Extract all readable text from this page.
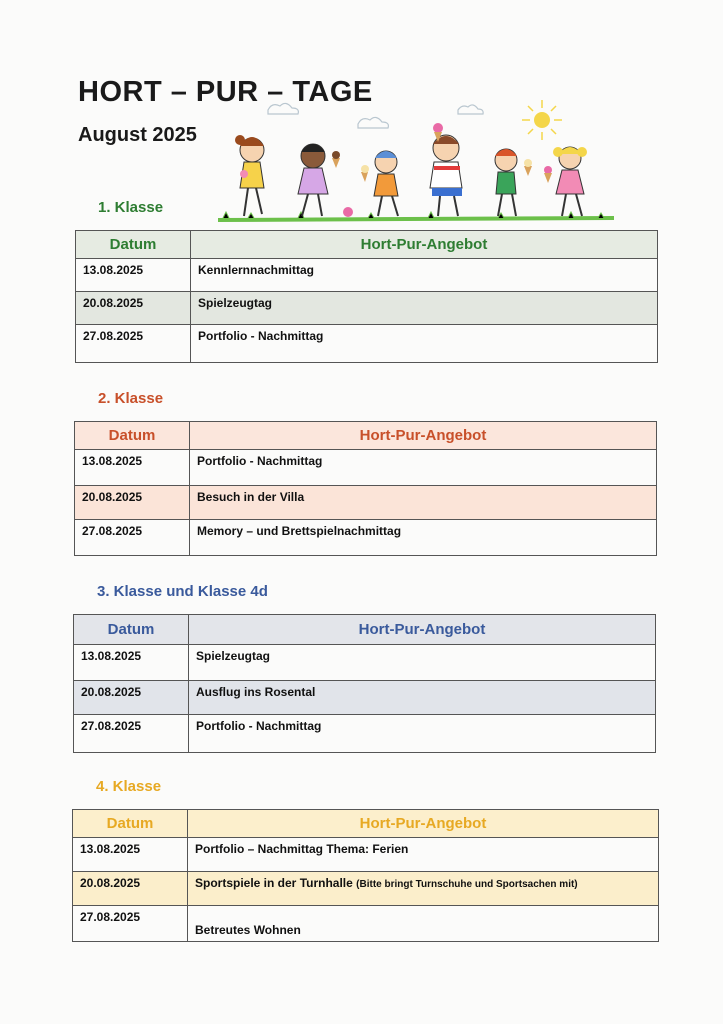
HORT – PUR – TAGE
August 2025
1. Klasse
Datum	Hort-Pur-Angebot
13.08.2025	Kennlernnachmittag
20.08.2025	Spielzeugtag
27.08.2025	Portfolio - Nachmittag
2. Klasse
Datum	Hort-Pur-Angebot
13.08.2025	Portfolio - Nachmittag
20.08.2025	Besuch in der Villa
27.08.2025	Memory – und Brettspielnachmittag
3. Klasse und Klasse 4d
Datum	Hort-Pur-Angebot
13.08.2025	Spielzeugtag
20.08.2025	Ausflug ins Rosental
27.08.2025	Portfolio - Nachmittag
4. Klasse
Datum	Hort-Pur-Angebot
13.08.2025	Portfolio – Nachmittag Thema: Ferien
20.08.2025	Sportspiele in der Turnhalle (Bitte bringt Turnschuhe und Sportsachen mit)
27.08.2025	Betreutes Wohnen
